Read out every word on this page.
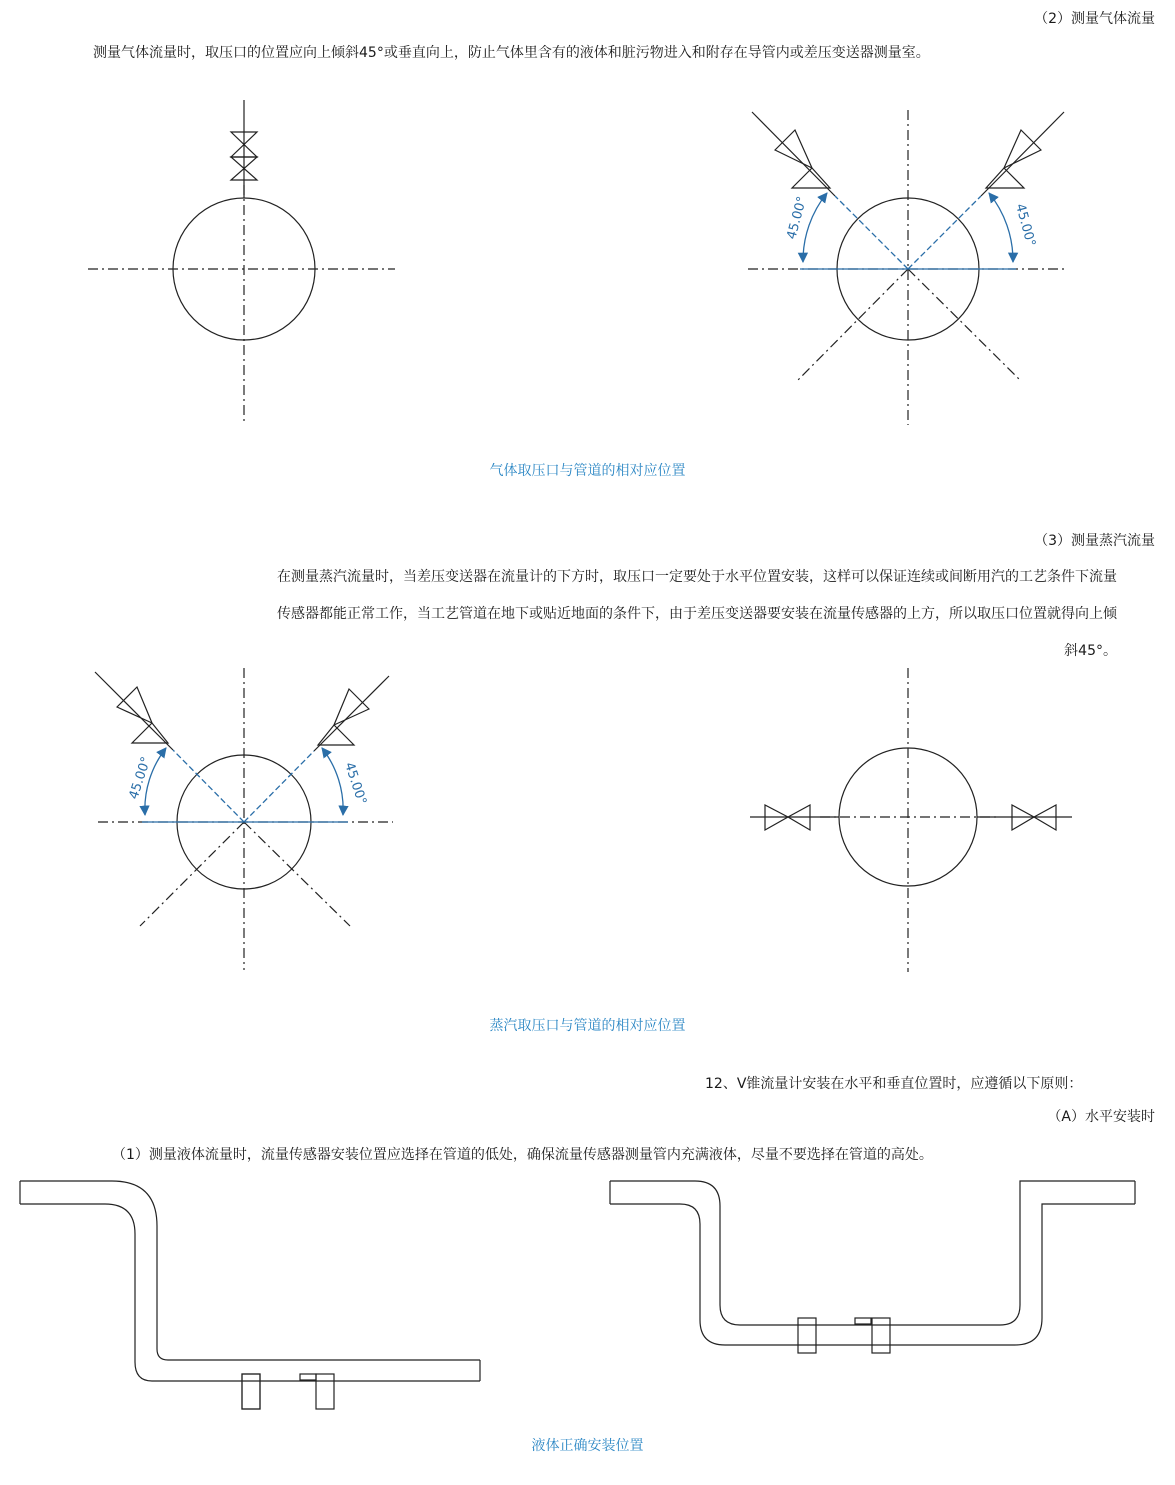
（2）测量气体流量
测量气体流量时，取压口的位置应向上倾斜45°或垂直向上，防止气体里含有的液体和脏污物进入和附存在导管内或差压变送器测量室。
45.00°	45.00°
气体取压口与管道的相对应位置
（3）测量蒸汽流量
在测量蒸汽流量时，当差压变送器在流量计的下方时，取压口一定要处于水平位置安装，这样可以保证连续或间断用汽的工艺条件下流量
传感器都能正常工作，当工艺管道在地下或贴近地面的条件下，由于差压变送器要安装在流量传感器的上方，所以取压口位置就得向上倾
斜45°。
45.00°	45.00°
蒸汽取压口与管道的相对应位置
12、V锥流量计安装在水平和垂直位置时，应遵循以下原则：
（A）水平安装时
（1）测量液体流量时，流量传感器安装位置应选择在管道的低处，确保流量传感器测量管内充满液体，尽量不要选择在管道的高处。
液体正确安装位置
